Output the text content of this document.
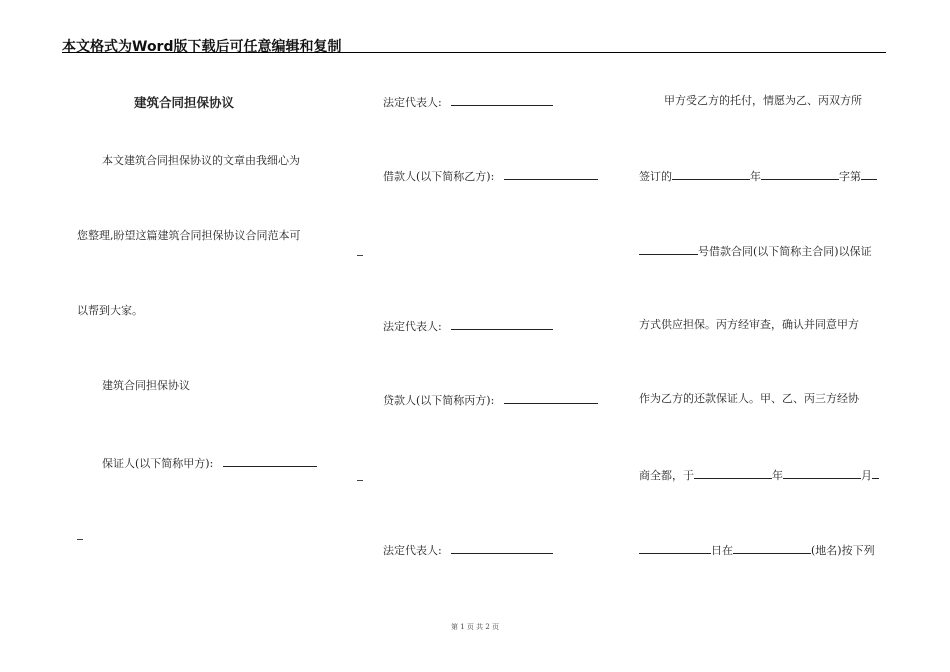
本文格式为Word版下载后可任意编辑和复制
建筑合同担保协议
本文建筑合同担保协议的文章由我细心为
您整理,盼望这篇建筑合同担保协议合同范本可
以帮到大家。
建筑合同担保协议
保证人(以下简称甲方):
法定代表人:
借款人(以下简称乙方):
法定代表人:
贷款人(以下简称丙方):
法定代表人:
甲方受乙方的托付，情愿为乙、丙双方所
签订的	年	字第
号借款合同(以下简称主合同)以保证
方式供应担保。丙方经审查，确认并同意甲方
作为乙方的还款保证人。甲、乙、丙三方经协
商全都，于	年	月
日在	(地名)按下列
第 1 页 共 2 页
